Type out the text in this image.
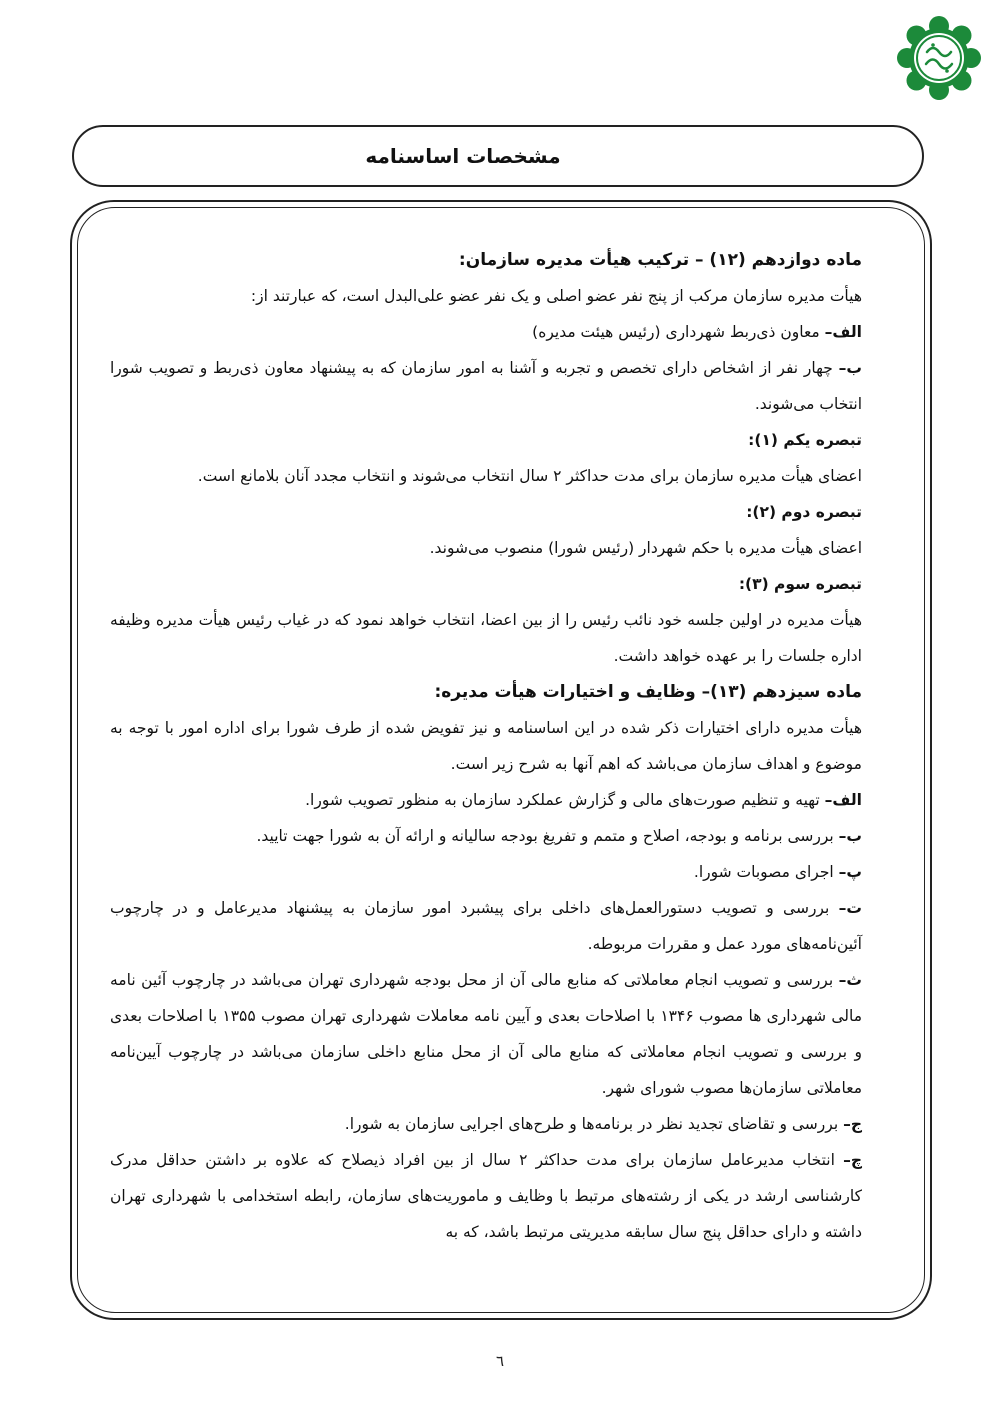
مشخصات اساسنامه

ماده دوازدهم (۱۲) – ترکیب هیأت مدیره سازمان:

هیأت مدیره سازمان مرکب از پنج نفر عضو اصلی و یک نفر عضو علی‌البدل است، که عبارتند از:

الف– معاون ذی‌ربط شهرداری (رئیس هیئت مدیره)

ب– چهار نفر از اشخاص دارای تخصص و تجربه و آشنا به امور سازمان که به پیشنهاد معاون ذی‌ربط و تصویب شورا انتخاب می‌شوند.

تبصره یکم (۱):

اعضای هیأت مدیره سازمان برای مدت حداکثر ۲ سال انتخاب می‌شوند و انتخاب مجدد آنان بلامانع است.

تبصره دوم (۲):

اعضای هیأت مدیره با حکم شهردار (رئیس شورا) منصوب می‌شوند.

تبصره سوم (۳):

هیأت مدیره در اولین جلسه خود نائب رئیس را از بین اعضا، انتخاب خواهد نمود که در غیاب رئیس هیأت مدیره وظیفه اداره جلسات را بر عهده خواهد داشت.

ماده سیزدهم (۱۳)– وظایف و اختیارات هیأت مدیره:

هیأت مدیره دارای اختیارات ذکر شده در این اساسنامه و نیز تفویض شده از طرف شورا برای اداره امور با توجه به موضوع و اهداف سازمان می‌باشد که اهم آنها به شرح زیر است.

الف– تهیه و تنظیم صورت‌های مالی و گزارش عملکرد سازمان به منظور تصویب شورا.

ب– بررسی برنامه و بودجه، اصلاح و متمم و تفریغ بودجه سالیانه و ارائه آن به شورا جهت تایید.

پ– اجرای مصوبات شورا.

ت– بررسی و تصویب دستورالعمل‌های داخلی برای پیشبرد امور سازمان به پیشنهاد مدیرعامل و در چارچوب آئین‌نامه‌های مورد عمل و مقررات مربوطه.

ث– بررسی و تصویب انجام معاملاتی که منابع مالی آن از محل بودجه شهرداری تهران می‌باشد در چارچوب آئین نامه مالی شهرداری ها مصوب ۱۳۴۶ با اصلاحات بعدی و آیین نامه معاملات شهرداری تهران مصوب ۱۳۵۵ با اصلاحات بعدی و بررسی و تصویب انجام معاملاتی که منابع مالی آن از محل منابع داخلی سازمان می‌باشد در چارچوب آیین‌نامه معاملاتی سازمان‌ها مصوب شورای شهر.

ج– بررسی و تقاضای تجدید نظر در برنامه‌ها و طرح‌های اجرایی سازمان به شورا.

چ– انتخاب مدیرعامل سازمان برای مدت حداکثر ۲ سال از بین افراد ذیصلاح که علاوه بر داشتن حداقل مدرک کارشناسی ارشد در یکی از رشته‌های مرتبط با وظایف و ماموریت‌های سازمان، رابطه استخدامی با شهرداری تهران داشته و دارای حداقل پنج سال سابقه مدیریتی مرتبط باشد، که به

٦
